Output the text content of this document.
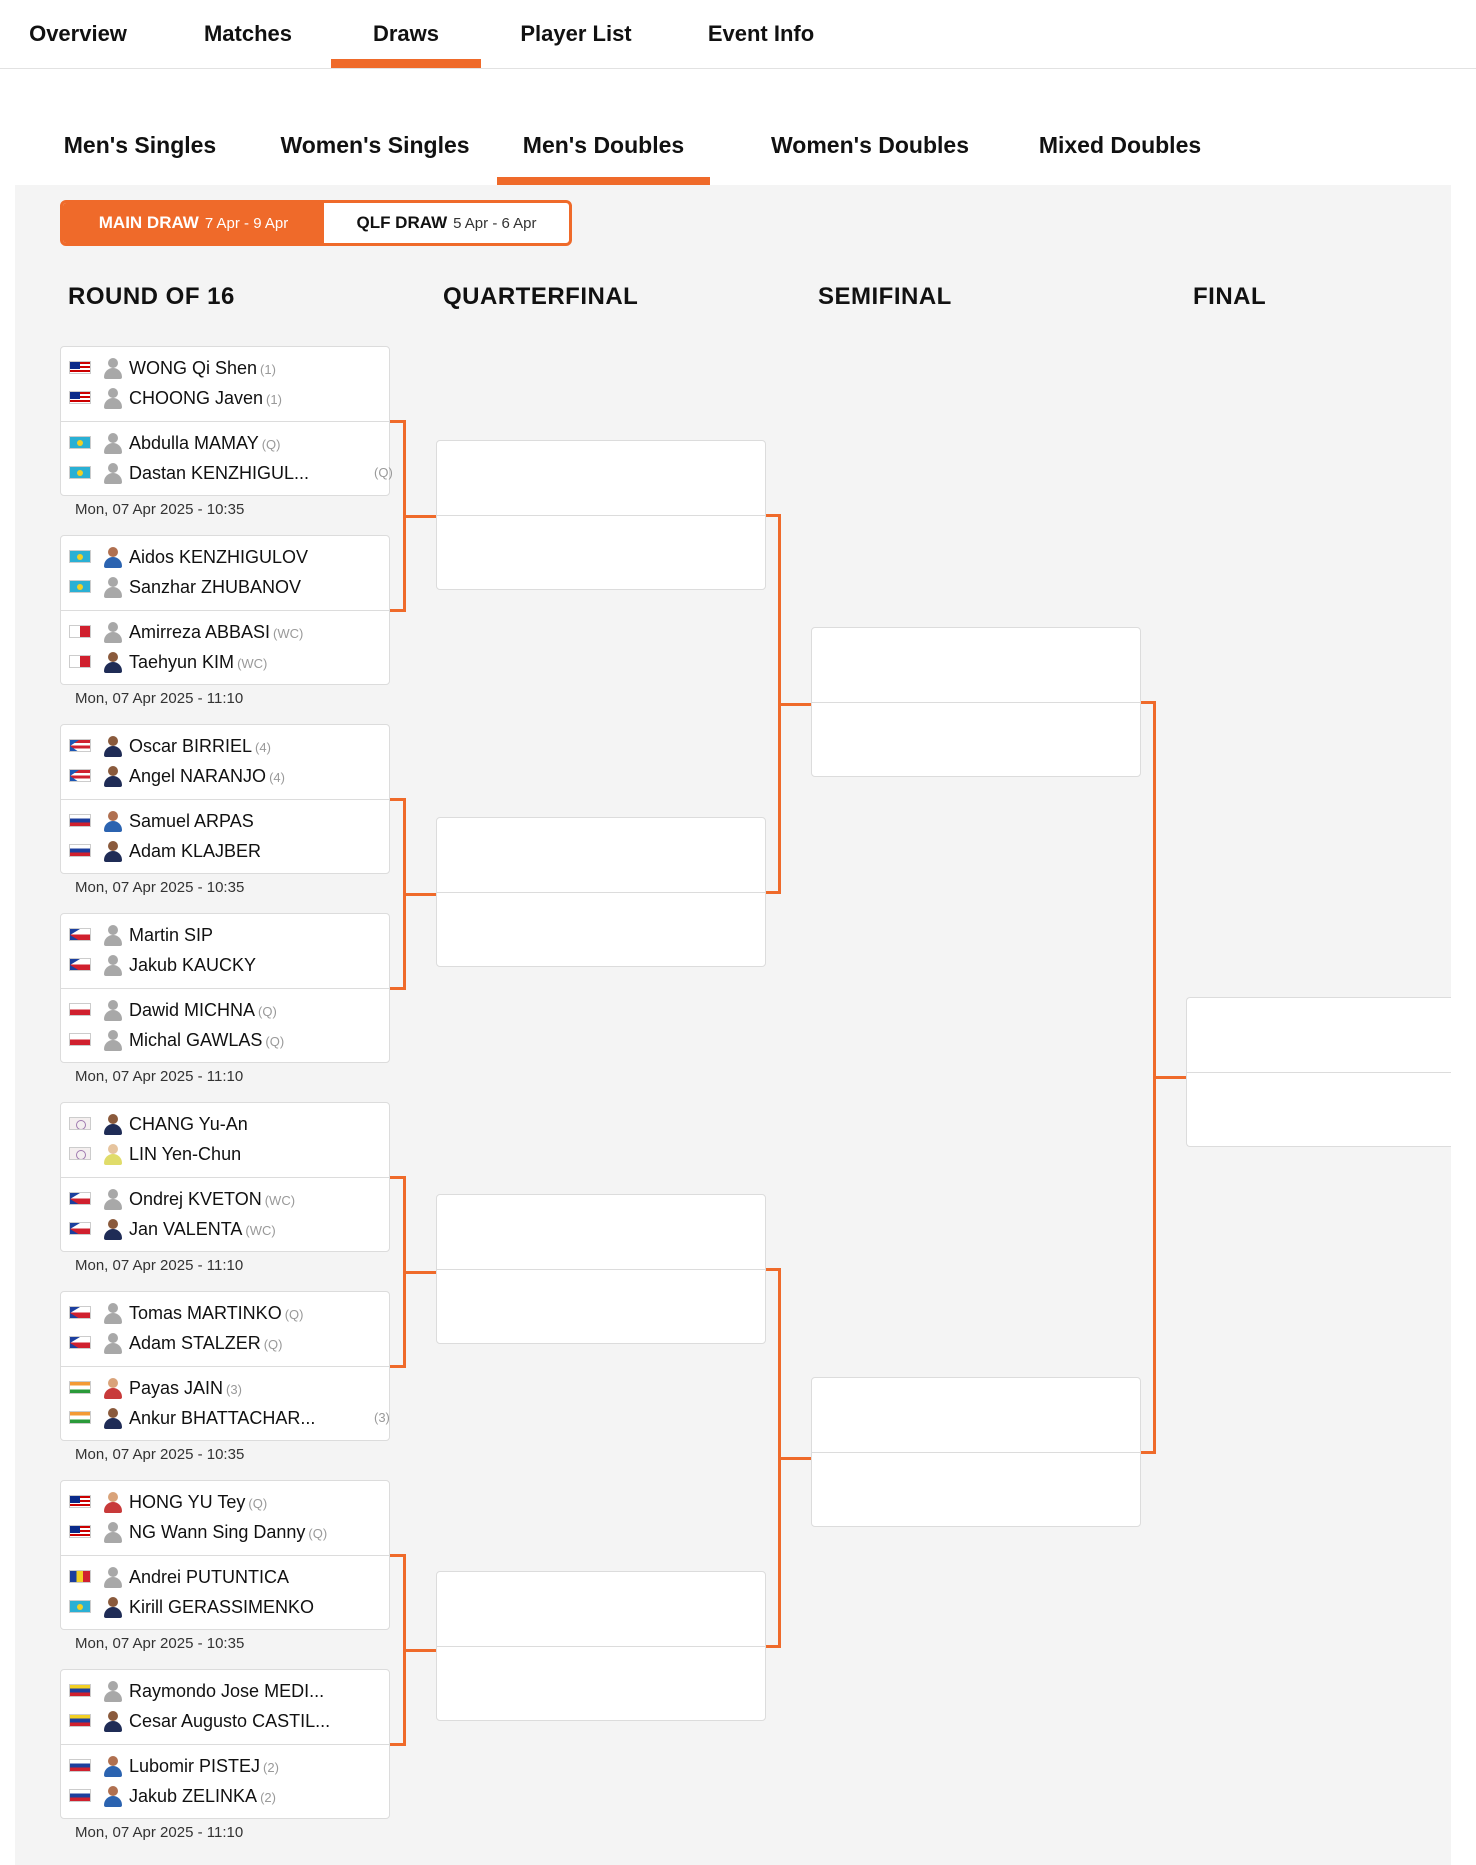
Overview	Matches	Draws	Player List	Event Info
Men's Singles	Women's Singles Men's Doubles	Women's Doubles	Mixed Doubles
MAIN DRAW 7 Apr - 9 Apr	QLF DRAW 5 Apr - 6 Apr
ROUND OF 16	QUARTERFINAL	SEMIFINAL	FINAL
WONG Qi Shen (1)
CHOONG Javen (1)
Abdulla MAMAY (Q)
Dastan KENZHIGUL...	(Q)
Mon, 07 Apr 2025 - 10:35
Aidos KENZHIGULOV
Sanzhar ZHUBANOV
Amirreza ABBASI (WC)
Taehyun KIM (WC)
Mon, 07 Apr 2025 - 11:10
Oscar BIRRIEL (4)
Angel NARANJO (4)
Samuel ARPAS
Adam KLAJBER
Mon, 07 Apr 2025 - 10:35
Martin SIP
Jakub KAUCKY
Dawid MICHNA (Q)
Michal GAWLAS (Q)
Mon, 07 Apr 2025 - 11:10
CHANG Yu-An
LIN Yen-Chun
Ondrej KVETON (WC)
Jan VALENTA (WC)
Mon, 07 Apr 2025 - 11:10
Tomas MARTINKO (Q)
Adam STALZER (Q)
Payas JAIN (3)
Ankur BHATTACHAR...	(3)
Mon, 07 Apr 2025 - 10:35
HONG YU Tey (Q)
NG Wann Sing Danny (Q)
Andrei PUTUNTICA
Kirill GERASSIMENKO
Mon, 07 Apr 2025 - 10:35
Raymondo Jose MEDI...
Cesar Augusto CASTIL...
Lubomir PISTEJ (2)
Jakub ZELINKA (2)
Mon, 07 Apr 2025 - 11:10
